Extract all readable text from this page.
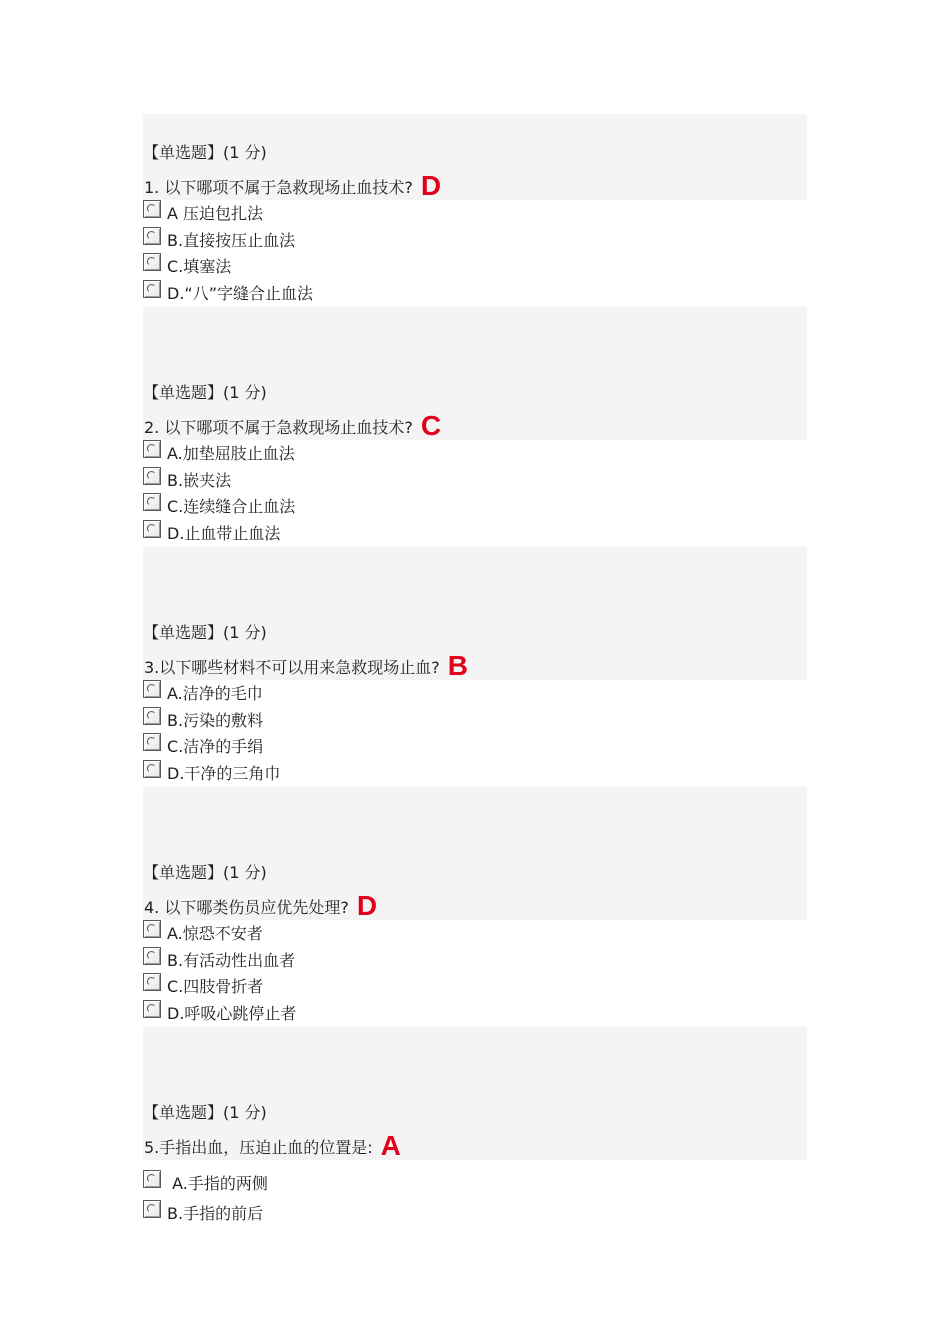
【单选题】(1 分)
1. 以下哪项不属于急救现场止血技术? D
A 压迫包扎法
B.直接按压止血法
C.填塞法
D.“八”字缝合止血法
【单选题】(1 分)
2. 以下哪项不属于急救现场止血技术? C
A.加垫屈肢止血法
B.嵌夹法
C.连续缝合止血法
D.止血带止血法
【单选题】(1 分)
3.以下哪些材料不可以用来急救现场止血? B
A.洁净的毛巾
B.污染的敷料
C.洁净的手绢
D.干净的三角巾
【单选题】(1 分)
4. 以下哪类伤员应优先处理? D
A.惊恐不安者
B.有活动性出血者
C.四肢骨折者
D.呼吸心跳停止者
【单选题】(1 分)
5.手指出血，压迫止血的位置是: A
A.手指的两侧
B.手指的前后
